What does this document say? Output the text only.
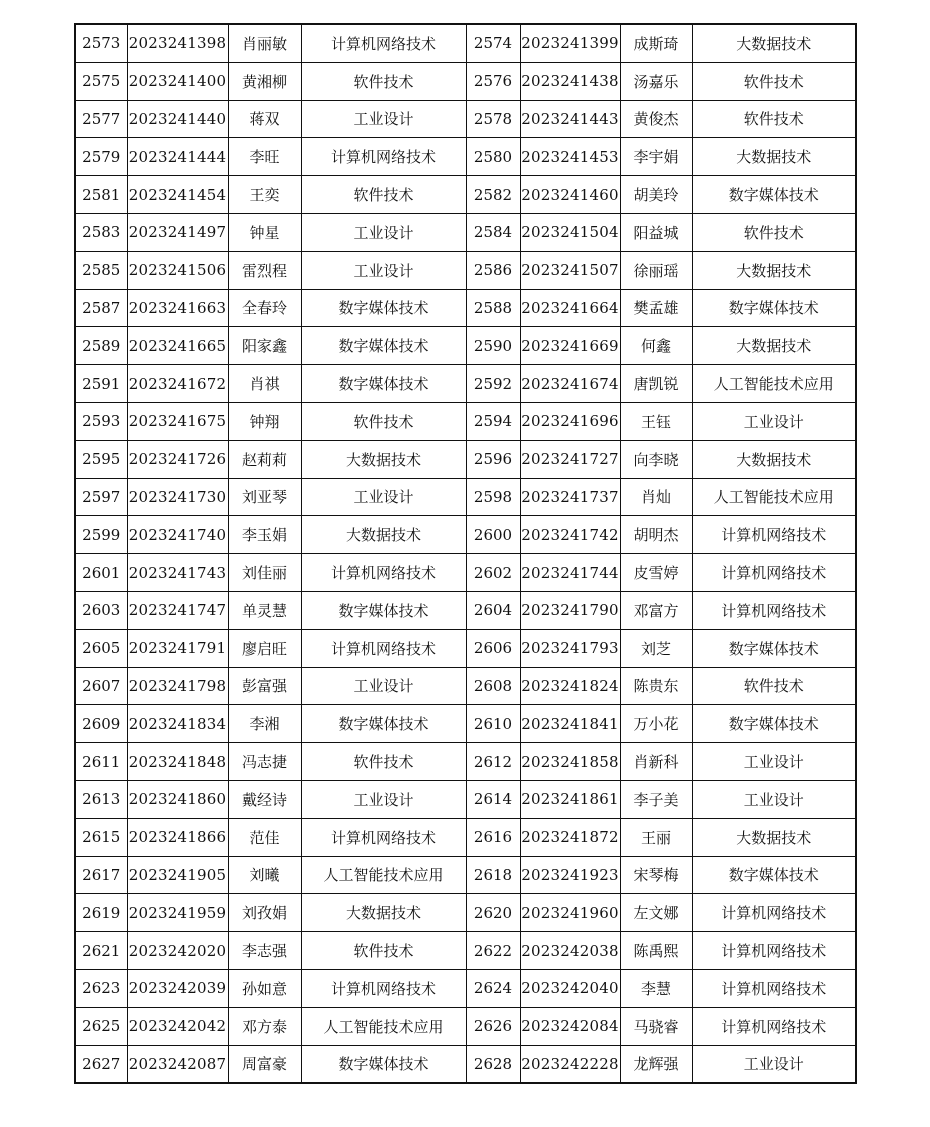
2573	2023241398	肖丽敏	计算机网络技术	2574	2023241399	成斯琦	大数据技术
2575	2023241400	黄湘柳	软件技术	2576	2023241438	汤嘉乐	软件技术
2577	2023241440	蒋双	工业设计	2578	2023241443	黄俊杰	软件技术
2579	2023241444	李旺	计算机网络技术	2580	2023241453	李宇娟	大数据技术
2581	2023241454	王奕	软件技术	2582	2023241460	胡美玲	数字媒体技术
2583	2023241497	钟星	工业设计	2584	2023241504	阳益城	软件技术
2585	2023241506	雷烈程	工业设计	2586	2023241507	徐丽瑶	大数据技术
2587	2023241663	全春玲	数字媒体技术	2588	2023241664	樊孟雄	数字媒体技术
2589	2023241665	阳家鑫	数字媒体技术	2590	2023241669	何鑫	大数据技术
2591	2023241672	肖祺	数字媒体技术	2592	2023241674	唐凯锐	人工智能技术应用
2593	2023241675	钟翔	软件技术	2594	2023241696	王钰	工业设计
2595	2023241726	赵莉莉	大数据技术	2596	2023241727	向李晓	大数据技术
2597	2023241730	刘亚琴	工业设计	2598	2023241737	肖灿	人工智能技术应用
2599	2023241740	李玉娟	大数据技术	2600	2023241742	胡明杰	计算机网络技术
2601	2023241743	刘佳丽	计算机网络技术	2602	2023241744	皮雪婷	计算机网络技术
2603	2023241747	单灵慧	数字媒体技术	2604	2023241790	邓富方	计算机网络技术
2605	2023241791	廖启旺	计算机网络技术	2606	2023241793	刘芝	数字媒体技术
2607	2023241798	彭富强	工业设计	2608	2023241824	陈贵东	软件技术
2609	2023241834	李湘	数字媒体技术	2610	2023241841	万小花	数字媒体技术
2611	2023241848	冯志捷	软件技术	2612	2023241858	肖新科	工业设计
2613	2023241860	戴经诗	工业设计	2614	2023241861	李子美	工业设计
2615	2023241866	范佳	计算机网络技术	2616	2023241872	王丽	大数据技术
2617	2023241905	刘曦	人工智能技术应用	2618	2023241923	宋琴梅	数字媒体技术
2619	2023241959	刘孜娟	大数据技术	2620	2023241960	左文娜	计算机网络技术
2621	2023242020	李志强	软件技术	2622	2023242038	陈禹熙	计算机网络技术
2623	2023242039	孙如意	计算机网络技术	2624	2023242040	李慧	计算机网络技术
2625	2023242042	邓方泰	人工智能技术应用	2626	2023242084	马骁睿	计算机网络技术
2627	2023242087	周富豪	数字媒体技术	2628	2023242228	龙辉强	工业设计
